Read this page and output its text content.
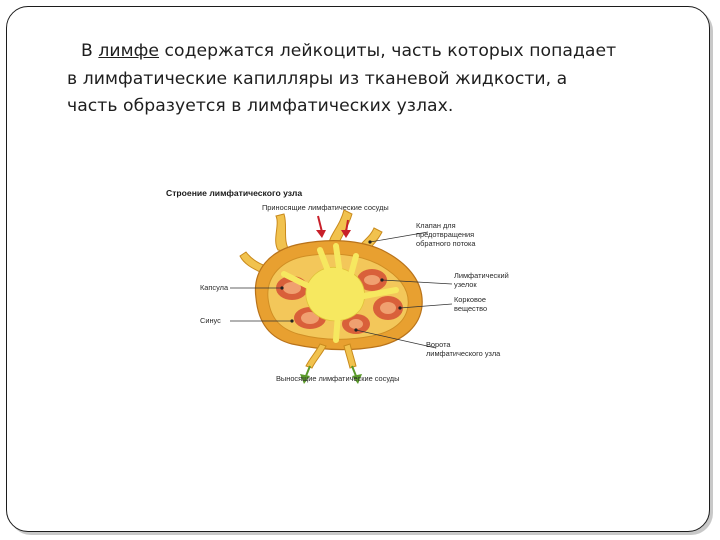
В лимфе содержатся лейкоциты, часть которых попадает
в лимфатические капилляры из тканевой жидкости, а
часть образуется в лимфатических узлах.
Строение лимфатического узла
Приносящие лимфатические сосуды
Клапан для
предотвращения
обратного потока
Лимфатический
узелок
Корковое
вещество
Капсула
Синус
Ворота
лимфатического узла
Выносящие лимфатические сосуды
